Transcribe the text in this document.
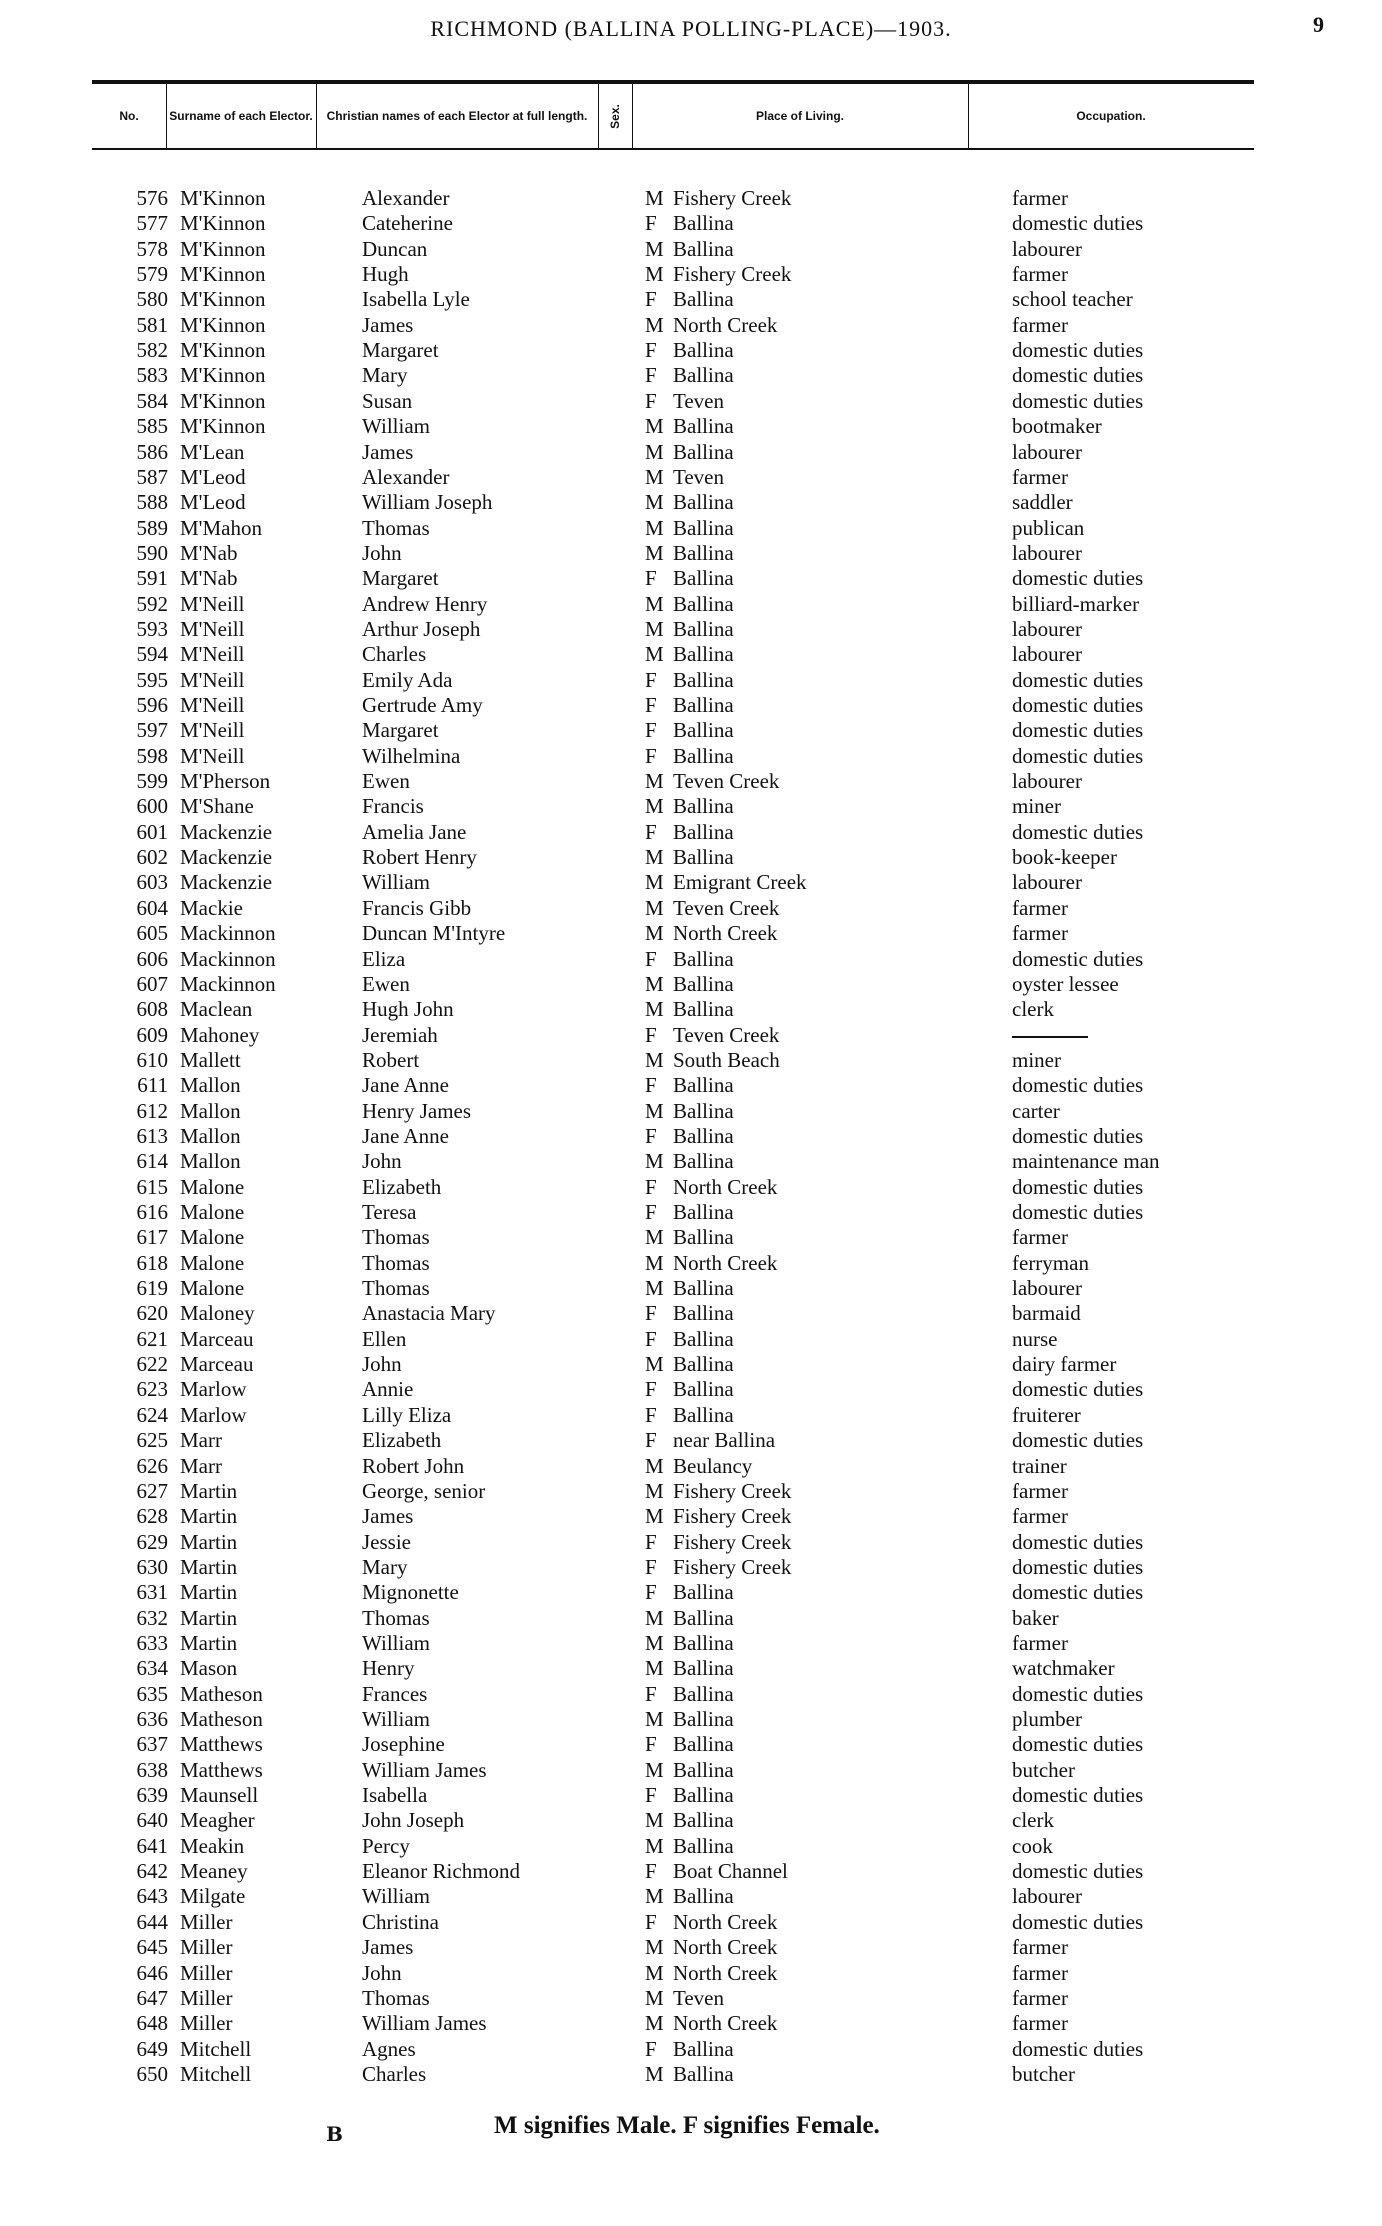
RICHMOND (BALLINA POLLING-PLACE)—1903.	9
No.	Surname of each Elector. Christian names of each Elector at full length. Sex.	Place of Living.	Occupation.
576 M'Kinnon	Alexander	M Fishery Creek	farmer
577 M'Kinnon	Cateherine	F Ballina	domestic duties
578 M'Kinnon	Duncan	M Ballina	labourer
579 M'Kinnon	Hugh	M Fishery Creek	farmer
580 M'Kinnon	Isabella Lyle	F Ballina	school teacher
581 M'Kinnon	James	M North Creek	farmer
582 M'Kinnon	Margaret	F Ballina	domestic duties
583 M'Kinnon	Mary	F Ballina	domestic duties
584 M'Kinnon	Susan	F Teven	domestic duties
585 M'Kinnon	William	M Ballina	bootmaker
586 M'Lean	James	M Ballina	labourer
587 M'Leod	Alexander	M Teven	farmer
588 M'Leod	William Joseph	M Ballina	saddler
589 M'Mahon	Thomas	M Ballina	publican
590 M'Nab	John	M Ballina	labourer
591 M'Nab	Margaret	F Ballina	domestic duties
592 M'Neill	Andrew Henry	M Ballina	billiard-marker
593 M'Neill	Arthur Joseph	M Ballina	labourer
594 M'Neill	Charles	M Ballina	labourer
595 M'Neill	Emily Ada	F Ballina	domestic duties
596 M'Neill	Gertrude Amy	F Ballina	domestic duties
597 M'Neill	Margaret	F Ballina	domestic duties
598 M'Neill	Wilhelmina	F Ballina	domestic duties
599 M'Pherson	Ewen	M Teven Creek	labourer
600 M'Shane	Francis	M Ballina	miner
601 Mackenzie	Amelia Jane	F Ballina	domestic duties
602 Mackenzie	Robert Henry	M Ballina	book-keeper
603 Mackenzie	William	M Emigrant Creek	labourer
604 Mackie	Francis Gibb	M Teven Creek	farmer
605 Mackinnon	Duncan M'Intyre	M North Creek	farmer
606 Mackinnon	Eliza	F Ballina	domestic duties
607 Mackinnon	Ewen	M Ballina	oyster lessee
608 Maclean	Hugh John	M Ballina	clerk
609 Mahoney	Jeremiah	F Teven Creek
610 Mallett	Robert	M South Beach	miner
611 Mallon	Jane Anne	F Ballina	domestic duties
612 Mallon	Henry James	M Ballina	carter
613 Mallon	Jane Anne	F Ballina	domestic duties
614 Mallon	John	M Ballina	maintenance man
615 Malone	Elizabeth	F North Creek	domestic duties
616 Malone	Teresa	F Ballina	domestic duties
617 Malone	Thomas	M Ballina	farmer
618 Malone	Thomas	M North Creek	ferryman
619 Malone	Thomas	M Ballina	labourer
620 Maloney	Anastacia Mary	F Ballina	barmaid
621 Marceau	Ellen	F Ballina	nurse
622 Marceau	John	M Ballina	dairy farmer
623 Marlow	Annie	F Ballina	domestic duties
624 Marlow	Lilly Eliza	F Ballina	fruiterer
625 Marr	Elizabeth	F near Ballina	domestic duties
626 Marr	Robert John	M Beulancy	trainer
627 Martin	George, senior	M Fishery Creek	farmer
628 Martin	James	M Fishery Creek	farmer
629 Martin	Jessie	F Fishery Creek	domestic duties
630 Martin	Mary	F Fishery Creek	domestic duties
631 Martin	Mignonette	F Ballina	domestic duties
632 Martin	Thomas	M Ballina	baker
633 Martin	William	M Ballina	farmer
634 Mason	Henry	M Ballina	watchmaker
635 Matheson	Frances	F Ballina	domestic duties
636 Matheson	William	M Ballina	plumber
637 Matthews	Josephine	F Ballina	domestic duties
638 Matthews	William James	M Ballina	butcher
639 Maunsell	Isabella	F Ballina	domestic duties
640 Meagher	John Joseph	M Ballina	clerk
641 Meakin	Percy	M Ballina	cook
642 Meaney	Eleanor Richmond	F Boat Channel	domestic duties
643 Milgate	William	M Ballina	labourer
644 Miller	Christina	F North Creek	domestic duties
645 Miller	James	M North Creek	farmer
646 Miller	John	M North Creek	farmer
647 Miller	Thomas	M Teven	farmer
648 Miller	William James	M North Creek	farmer
649 Mitchell	Agnes	F Ballina	domestic duties
650 Mitchell	Charles	M Ballina	butcher
B	M signifies Male. F signifies Female.
